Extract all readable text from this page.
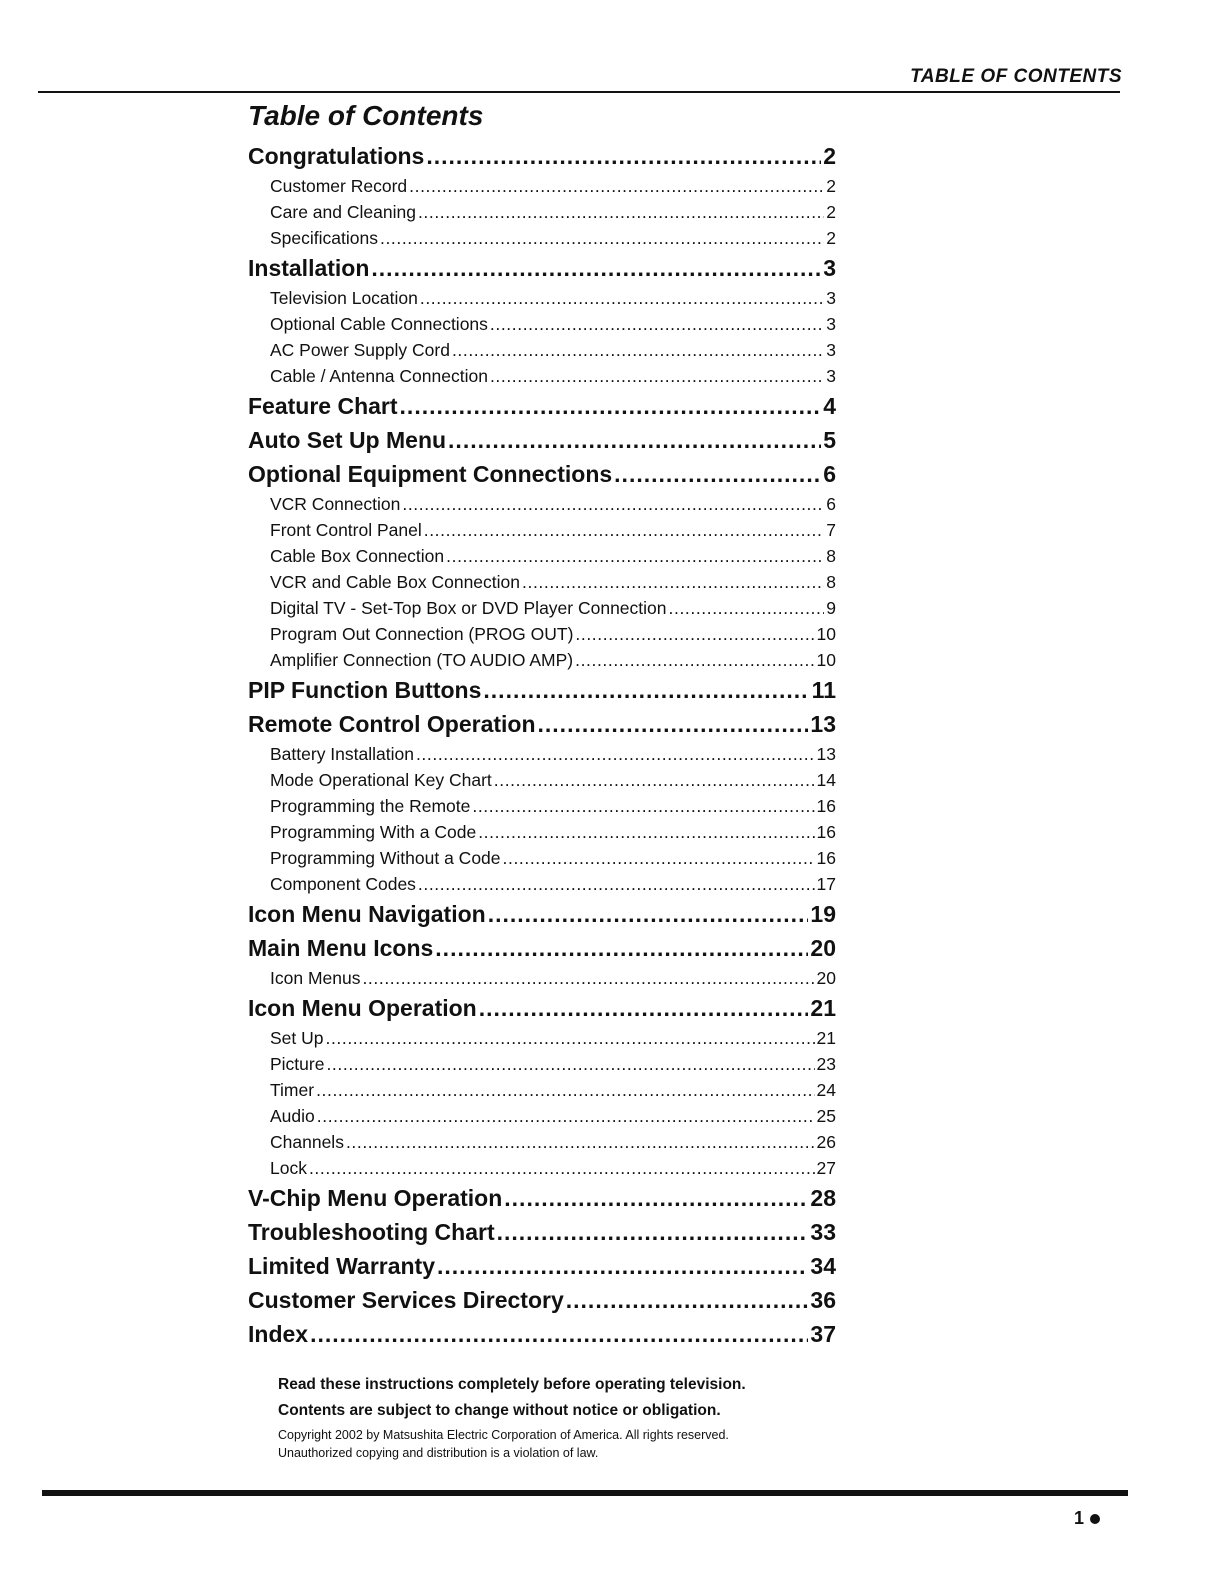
TABLE OF CONTENTS
Table of Contents
Congratulations .....	2
Customer Record .....	2
Care and Cleaning .....	2
Specifications .....	2
Installation .....	3
Television Location .....	3
Optional Cable Connections .....	3
AC Power Supply Cord .....	3
Cable / Antenna Connection .....	3
Feature Chart .....	4
Auto Set Up Menu .....	5
Optional Equipment Connections .....	6
VCR Connection .....	6
Front Control Panel .....	7
Cable Box Connection .....	8
VCR and Cable Box Connection .....	8
Digital TV - Set-Top Box or DVD Player Connection .....	9
Program Out Connection (PROG OUT) .....	10
Amplifier Connection (TO AUDIO AMP) .....	10
PIP Function Buttons .....	11
Remote Control Operation .....	13
Battery Installation .....	13
Mode Operational Key Chart .....	14
Programming the Remote .....	16
Programming With a Code .....	16
Programming Without a Code .....	16
Component Codes .....	17
Icon Menu Navigation .....	19
Main Menu Icons .....	20
Icon Menus .....	20
Icon Menu Operation .....	21
Set Up .....	21
Picture .....	23
Timer .....	24
Audio .....	25
Channels .....	26
Lock .....	27
V-Chip Menu Operation .....	28
Troubleshooting Chart .....	33
Limited Warranty .....	34
Customer Services Directory .....	36
Index .....	37
Read these instructions completely before operating television.
Contents are subject to change without notice or obligation.
Copyright 2002 by Matsushita Electric Corporation of America. All rights reserved.
Unauthorized copying and distribution is a violation of law.
1
